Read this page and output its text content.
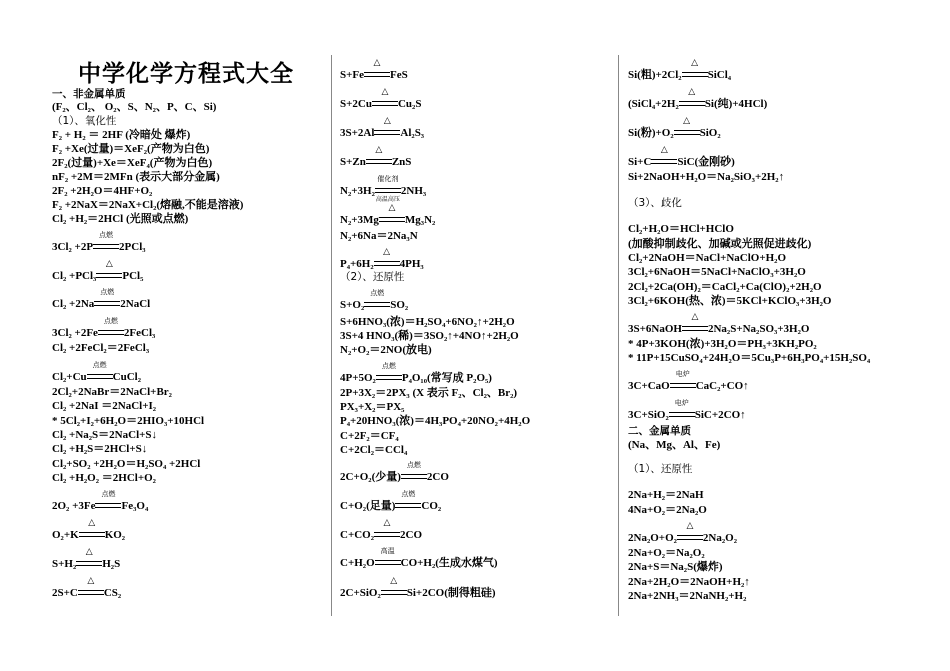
中学化学方程式大全
一、非金属单质
(F₂、Cl₂、 O₂、S、N₂、P、C、Si)
（1）、氧化性
F₂ + H₂ ＝ 2HF (冷暗处 爆炸)
F₂ +Xe(过量)＝XeF₂(产物为白色)
2F₂(过量)+Xe＝XeF₄(产物为白色)
nF₂ +2M＝2MFn (表示大部分金属)
2F₂ +2H₂O＝4HF+O₂
F₂ +2NaX＝2NaX+Cl₂(熔融,不能是溶液)
Cl₂ +H₂＝2HCl (光照或点燃)
3Cl₂ +2P
点燃
2PCl₃
Cl₂ +PCl₃
△
PCl₅
Cl₂ +2Na
点燃
2NaCl
3Cl₂ +2Fe
点燃
2FeCl₃
Cl₂ +2FeCl₂＝2FeCl₃
Cl₂+Cu
点燃
CuCl₂
2Cl₂+2NaBr＝2NaCl+Br₂
Cl₂ +2NaI ＝2NaCl+I₂
* 5Cl₂+I₂+6H₂O＝2HIO₃+10HCl
Cl₂ +Na₂S＝2NaCl+S↓
Cl₂ +H₂S＝2HCl+S↓
Cl₂+SO₂ +2H₂O＝H₂SO₄ +2HCl
Cl₂ +H₂O₂ ＝2HCl+O₂
2O₂ +3Fe
点燃
Fe₃O₄
O₂+K
△
KO₂
S+H₂
△
H₂S
2S+C
△
CS₂
S+Fe
△
FeS
S+2Cu
△
Cu₂S
3S+2Al
△
Al₂S₃
S+Zn
△
ZnS
N₂+3H₂
催化剂
高温高压
2NH₃
N₂+3Mg
△
Mg₃N₂
N₂+6Na＝2Na₃N
P₄+6H₂
△
4PH₃
（2）、还原性
S+O₂
点燃
SO₂
S+6HNO₃(浓)＝H₂SO₄+6NO₂↑+2H₂O
3S+4 HNO₃(稀)＝3SO₂↑+4NO↑+2H₂O
N₂+O₂＝2NO(放电)
4P+5O₂
点燃
P₄O₁₀(常写成 P₂O₅)
2P+3X₂＝2PX₃ (X 表示 F₂、Cl₂、Br₂)
PX₃+X₂＝PX₅
P₄+20HNO₃(浓)＝4H₃PO₄+20NO₂+4H₂O
C+2F₂＝CF₄
C+2Cl₂＝CCl₄
2C+O₂(少量)
点燃
2CO
C+O₂(足量)
点燃
CO₂
C+CO₂
△
2CO
C+H₂O
高温
CO+H₂(生成水煤气)
2C+SiO₂
△
Si+2CO(制得粗硅)
Si(粗)+2Cl₂
△
SiCl₄
(SiCl₄+2H₂
△
Si(纯)+4HCl)
Si(粉)+O₂
△
SiO₂
Si+C
△
SiC(金刚砂)
Si+2NaOH+H₂O＝Na₂SiO₃+2H₂↑
（3）、歧化
Cl₂+H₂O＝HCl+HClO
(加酸抑制歧化、加碱或光照促进歧化)
Cl₂+2NaOH＝NaCl+NaClO+H₂O
3Cl₂+6NaOH＝5NaCl+NaClO₃+3H₂O
2Cl₂+2Ca(OH)₂＝CaCl₂+Ca(ClO)₂+2H₂O
3Cl₂+6KOH(热、浓)＝5KCl+KClO₃+3H₂O
3S+6NaOH
△
2Na₂S+Na₂SO₃+3H₂O
* 4P+3KOH(浓)+3H₂O＝PH₃+3KH₂PO₂
* 11P+15CuSO₄+24H₂O＝5Cu₃P+6H₃PO₄+15H₂SO₄
3C+CaO
电炉
CaC₂+CO↑
3C+SiO₂
电炉
SiC+2CO↑
二、金属单质
(Na、Mg、Al、Fe)
（1）、还原性
2Na+H₂＝2NaH
4Na+O₂＝2Na₂O
2Na₂O+O₂
△
2Na₂O₂
2Na+O₂＝Na₂O₂
2Na+S＝Na₂S(爆炸)
2Na+2H₂O＝2NaOH+H₂↑
2Na+2NH₃＝2NaNH₂+H₂
